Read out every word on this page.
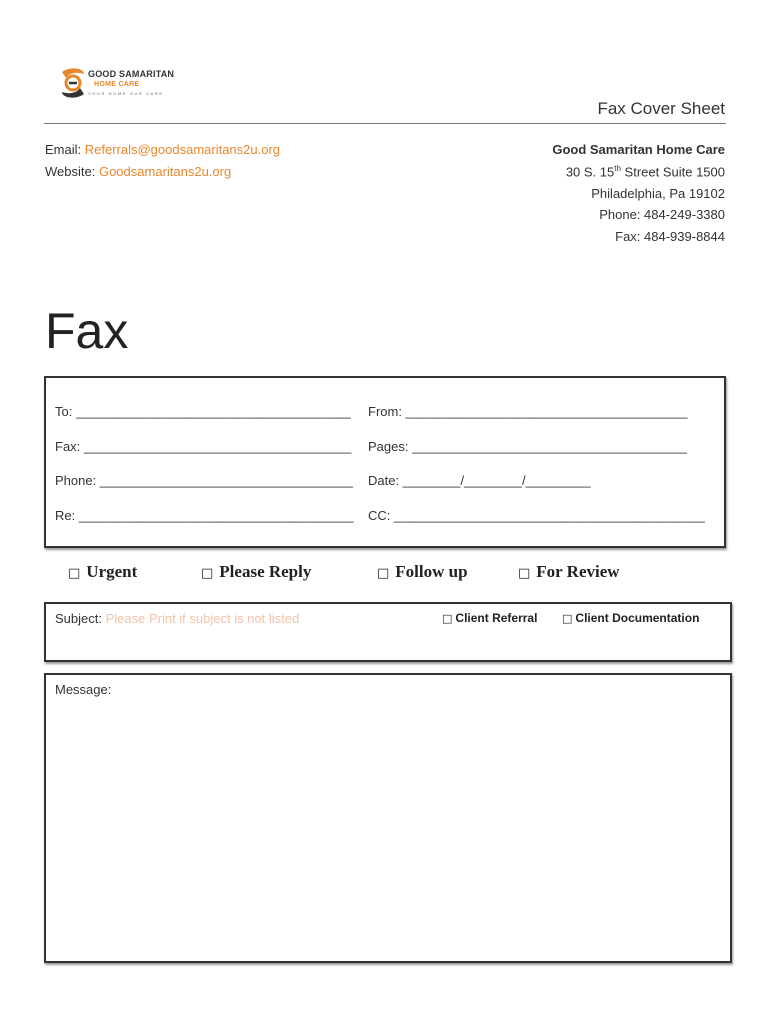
GOOD SAMARITAN
HOME CARE
YOUR HOME OUR CARE
Fax Cover Sheet
Email: Referrals@goodsamaritans2u.org
Website: Goodsamaritans2u.org
Good Samaritan Home Care
30 S. 15th Street Suite 1500
Philadelphia, Pa 19102
Phone: 484-249-3380
Fax: 484-939-8844
Fax
To: ______________________________________ From: _______________________________________
Fax: _____________________________________ Pages: ______________________________________
Phone: ___________________________________ Date: ________/________/_________
Re: ______________________________________ CC: ___________________________________________
□ Urgent	□ Please Reply	□ Follow up	□ For Review
Subject: Please Print if subject is not listed	□ Client Referral □ Client Documentation
Message:
